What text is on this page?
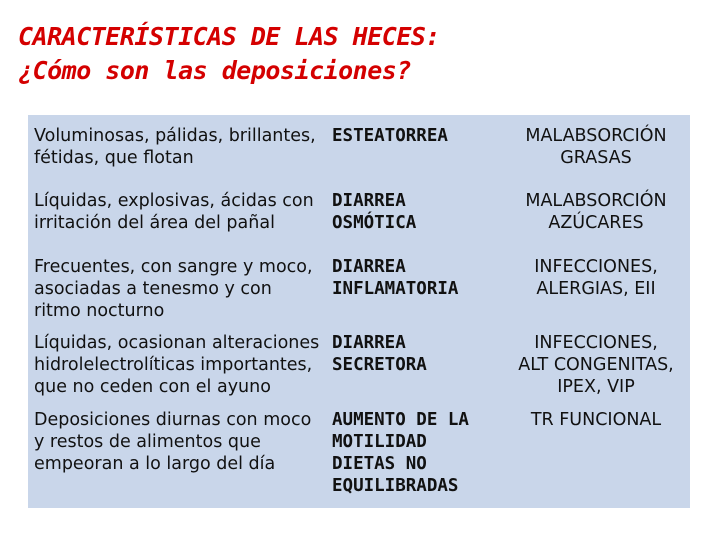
CARACTERÍSTICAS DE LAS HECES:
¿Cómo son las deposiciones?
Voluminosas, pálidas, brillantes,
fétidas, que flotan
ESTEATORREA	MALABSORCIÓN
GRASAS
Líquidas, explosivas, ácidas con
irritación del área del pañal
DIARREA
OSMÓTICA
MALABSORCIÓN
AZÚCARES
Frecuentes, con sangre y moco,
asociadas a tenesmo y con
ritmo nocturno
DIARREA
INFLAMATORIA
INFECCIONES,
ALERGIAS, EII
Líquidas, ocasionan alteraciones
hidrolelectrolíticas importantes,
que no ceden con el ayuno
DIARREA
SECRETORA
INFECCIONES,
ALT CONGENITAS,
IPEX, VIP
Deposiciones diurnas con moco
y restos de alimentos que
empeoran a lo largo del día
AUMENTO DE LA
MOTILIDAD
DIETAS NO
EQUILIBRADAS
TR FUNCIONAL
